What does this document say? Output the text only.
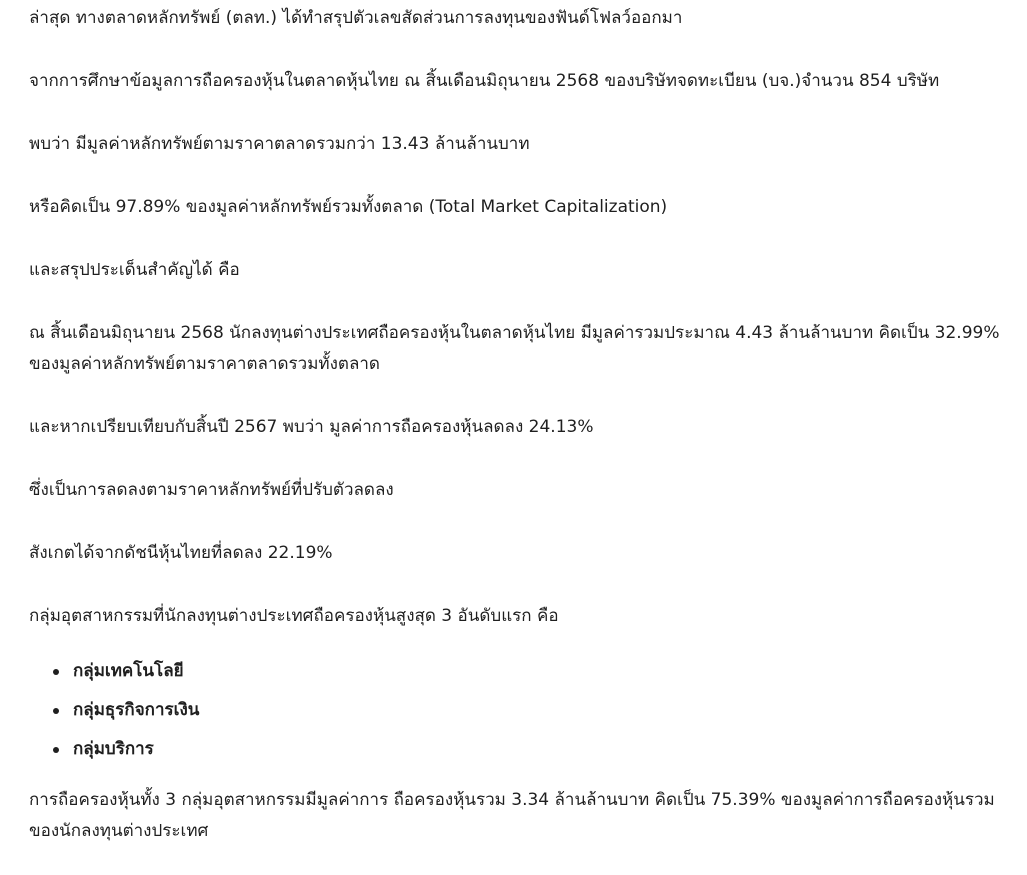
ล่าสุด ทางตลาดหลักทรัพย์ (ตลท.) ได้ทำสรุปตัวเลขสัดส่วนการลงทุนของฟันด์โฟลว์ออกมา

จากการศึกษาข้อมูลการถือครองหุ้นในตลาดหุ้นไทย ณ สิ้นเดือนมิถุนายน 2568 ของบริษัทจดทะเบียน (บจ.)จำนวน 854 บริษัท

พบว่า มีมูลค่าหลักทรัพย์ตามราคาตลาดรวมกว่า 13.43 ล้านล้านบาท

หรือคิดเป็น 97.89% ของมูลค่าหลักทรัพย์รวมทั้งตลาด (Total Market Capitalization)

และสรุปประเด็นสำคัญได้ คือ

ณ สิ้นเดือนมิถุนายน 2568 นักลงทุนต่างประเทศถือครองหุ้นในตลาดหุ้นไทย มีมูลค่ารวมประมาณ 4.43 ล้านล้านบาท คิดเป็น 32.99% ของมูลค่าหลักทรัพย์ตามราคาตลาดรวมทั้งตลาด

และหากเปรียบเทียบกับสิ้นปี 2567 พบว่า มูลค่าการถือครองหุ้นลดลง 24.13%

ซึ่งเป็นการลดลงตามราคาหลักทรัพย์ที่ปรับตัวลดลง

สังเกตได้จากดัชนีหุ้นไทยที่ลดลง 22.19%

กลุ่มอุตสาหกรรมที่นักลงทุนต่างประเทศถือครองหุ้นสูงสุด 3 อันดับแรก คือ

กลุ่มเทคโนโลยี
กลุ่มธุรกิจการเงิน
กลุ่มบริการ

การถือครองหุ้นทั้ง 3 กลุ่มอุตสาหกรรมมีมูลค่าการ ถือครองหุ้นรวม 3.34 ล้านล้านบาท คิดเป็น 75.39% ของมูลค่าการถือครองหุ้นรวมของนักลงทุนต่างประเทศ
